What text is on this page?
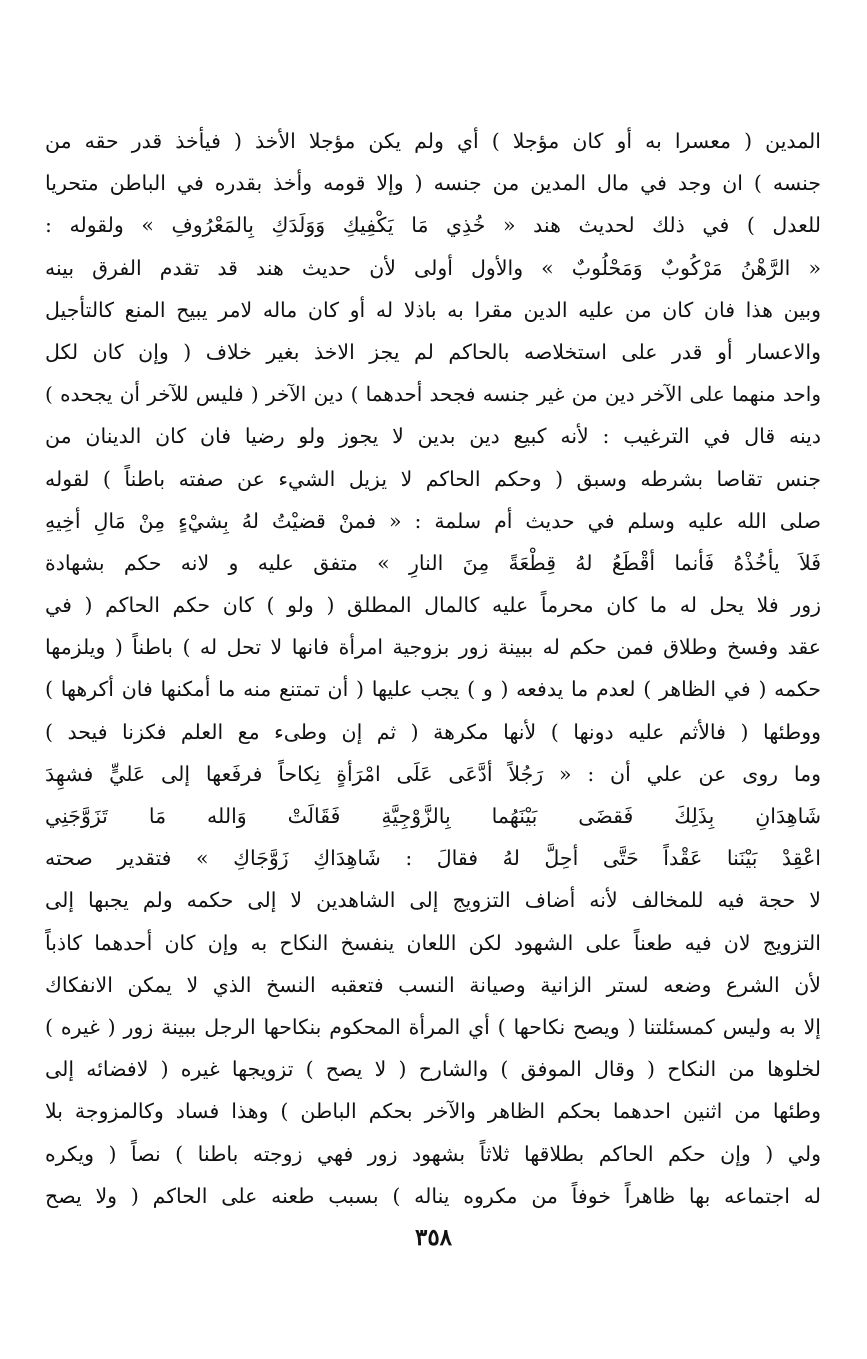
المدين ( معسرا به أو كان مؤجلا ) أي ولم يكن مؤجلا الأخذ ( فيأخذ قدر حقه من
جنسه ) ان وجد في مال المدين من جنسه ( وإلا قومه وأخذ بقدره في الباطن متحريا
للعدل ) في ذلك لحديث هند « خُذِي مَا يَكْفِيكِ وَوَلَدَكِ بِالمَعْرُوفِ » ولقوله :
« الرَّهْنُ مَرْكُوبٌ وَمَحْلُوبٌ » والأول أولى لأن حديث هند قد تقدم الفرق بينه
وبين هذا فان كان من عليه الدين مقرا به باذلا له أو كان ماله لامر يبيح المنع كالتأجيل
والاعسار أو قدر على استخلاصه بالحاكم لم يجز الاخذ بغير خلاف ( وإن كان لكل
واحد منهما على الآخر دين من غير جنسه فجحد أحدهما ) دين الآخر ( فليس للآخر أن يجحده )
دينه قال في الترغيب : لأنه كبيع دين بدين لا يجوز ولو رضيا فان كان الدينان من
جنس تقاصا بشرطه وسبق ( وحكم الحاكم لا يزيل الشيء عن صفته باطناً ) لقوله
صلى الله عليه وسلم في حديث أم سلمة : « فمنْ قضيْتُ لهُ بِشيْءٍ مِنْ مَالِ أخِيهِ
فَلاَ يأخُذْهُ فَأنما أقْطَعُ لهُ قِطْعَةً مِنَ النارِ » متفق عليه و لانه حكم بشهادة
زور فلا يحل له ما كان محرماً عليه كالمال المطلق ( ولو ) كان حكم الحاكم ( في
عقد وفسخ وطلاق فمن حكم له ببينة زور بزوجية امرأة فانها لا تحل له ) باطناً ( ويلزمها
حكمه ( في الظاهر ) لعدم ما يدفعه ( و ) يجب عليها ( أن تمتنع منه ما أمكنها فان أكرهها )
ووطئها ( فالأثم عليه دونها ) لأنها مكرهة ( ثم إن وطىء مع العلم فكزنا فيحد )
وما روى عن علي أن : « رَجُلاً أدَّعَى عَلَى امْرَأةٍ نِكاحاً فرفَعها إلى عَليٍّ فشهِدَ
شَاهِدَانِ بِذَلِكَ فَقضَى بَيْنَهُما بِالزَّوْجِيَّةِ فَقَالَتْ وَالله مَا تَزَوَّجَنِي
اعْقِدْ بَيْنَنا عَقْداً حَتَّى أحِلَّ لهُ فقالَ : شَاهِدَاكِ زَوَّجَاكِ » فتقدير صحته
لا حجة فيه للمخالف لأنه أضاف التزويج إلى الشاهدين لا إلى حكمه ولم يجبها إلى
التزويج لان فيه طعناً على الشهود لكن اللعان ينفسخ النكاح به وإن كان أحدهما كاذباً
لأن الشرع وضعه لستر الزانية وصيانة النسب فتعقبه النسخ الذي لا يمكن الانفكاك
إلا به وليس كمسئلتنا ( ويصح نكاحها ) أي المرأة المحكوم بنكاحها الرجل ببينة زور ( غيره )
لخلوها من النكاح ( وقال الموفق ) والشارح ( لا يصح ) تزويجها غيره ( لافضائه إلى
وطئها من اثنين احدهما بحكم الظاهر والآخر بحكم الباطن ) وهذا فساد وكالمزوجة بلا
ولي ( وإن حكم الحاكم بطلاقها ثلاثاً بشهود زور فهي زوجته باطنا ) نصاً ( ويكره
له اجتماعه بها ظاهراً خوفاً من مكروه يناله ) بسبب طعنه على الحاكم ( ولا يصح
٣٥٨
